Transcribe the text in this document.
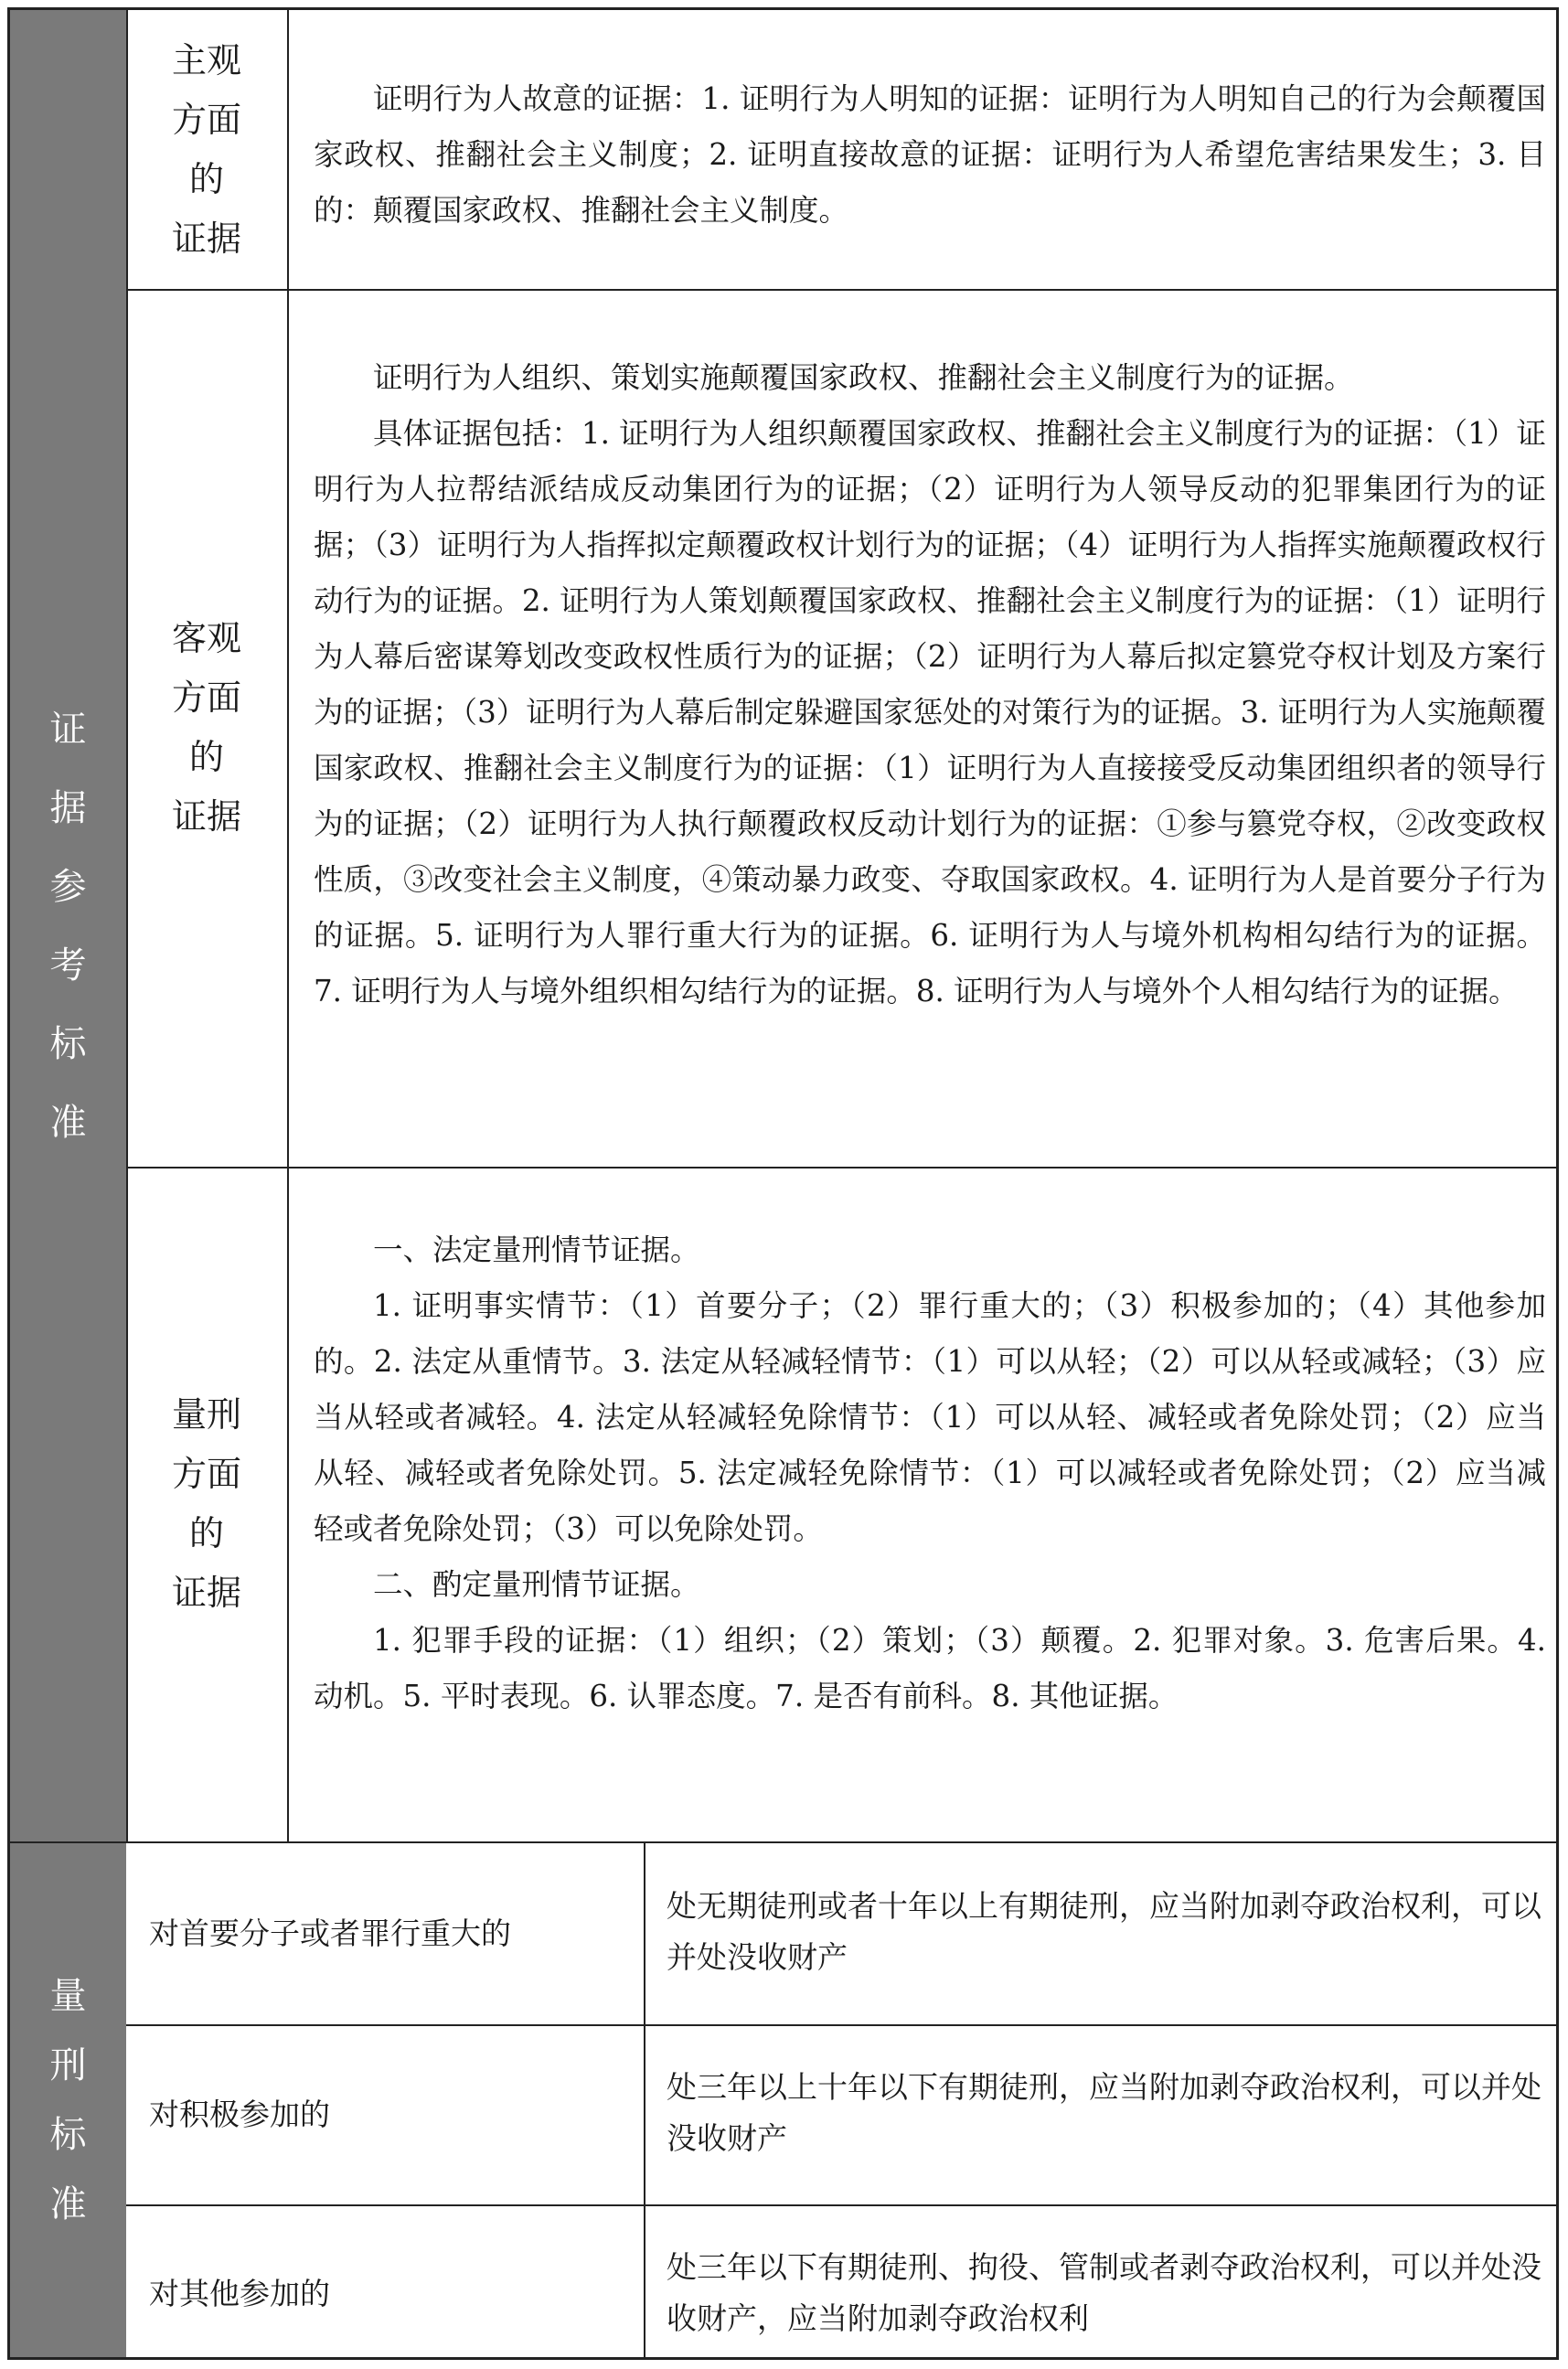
证
据
参
考
标
准
量
刑
标
准
主观
方面
的
证据

证明行为人故意的证据：1. 证明行为人明知的证据：证明行为人明知自己的行为会颠覆国家政权、推翻社会主义制度；2. 证明直接故意的证据：证明行为人希望危害结果发生；3. 目的：颠覆国家政权、推翻社会主义制度。

客观
方面
的
证据

证明行为人组织、策划实施颠覆国家政权、推翻社会主义制度行为的证据。

具体证据包括：1. 证明行为人组织颠覆国家政权、推翻社会主义制度行为的证据：（1）证明行为人拉帮结派结成反动集团行为的证据；（2）证明行为人领导反动的犯罪集团行为的证据；（3）证明行为人指挥拟定颠覆政权计划行为的证据；（4）证明行为人指挥实施颠覆政权行动行为的证据。2. 证明行为人策划颠覆国家政权、推翻社会主义制度行为的证据：（1）证明行为人幕后密谋筹划改变政权性质行为的证据；（2）证明行为人幕后拟定篡党夺权计划及方案行为的证据；（3）证明行为人幕后制定躲避国家惩处的对策行为的证据。3. 证明行为人实施颠覆国家政权、推翻社会主义制度行为的证据：（1）证明行为人直接接受反动集团组织者的领导行为的证据；（2）证明行为人执行颠覆政权反动计划行为的证据：①参与篡党夺权，②改变政权性质，③改变社会主义制度，④策动暴力政变、夺取国家政权。4. 证明行为人是首要分子行为的证据。5. 证明行为人罪行重大行为的证据。6. 证明行为人与境外机构相勾结行为的证据。7. 证明行为人与境外组织相勾结行为的证据。8. 证明行为人与境外个人相勾结行为的证据。

量刑
方面
的
证据

一、法定量刑情节证据。

1. 证明事实情节：（1）首要分子；（2）罪行重大的；（3）积极参加的；（4）其他参加的。2. 法定从重情节。3. 法定从轻减轻情节：（1）可以从轻；（2）可以从轻或减轻；（3）应当从轻或者减轻。4. 法定从轻减轻免除情节：（1）可以从轻、减轻或者免除处罚；（2）应当从轻、减轻或者免除处罚。5. 法定减轻免除情节：（1）可以减轻或者免除处罚；（2）应当减轻或者免除处罚；（3）可以免除处罚。

二、酌定量刑情节证据。

1. 犯罪手段的证据：（1）组织；（2）策划；（3）颠覆。2. 犯罪对象。3. 危害后果。4. 动机。5. 平时表现。6. 认罪态度。7. 是否有前科。8. 其他证据。

对首要分子或者罪行重大的
处无期徒刑或者十年以上有期徒刑，应当附加剥夺政治权利，可以并处没收财产
对积极参加的
处三年以上十年以下有期徒刑，应当附加剥夺政治权利，可以并处没收财产
对其他参加的
处三年以下有期徒刑、拘役、管制或者剥夺政治权利，可以并处没收财产，应当附加剥夺政治权利
